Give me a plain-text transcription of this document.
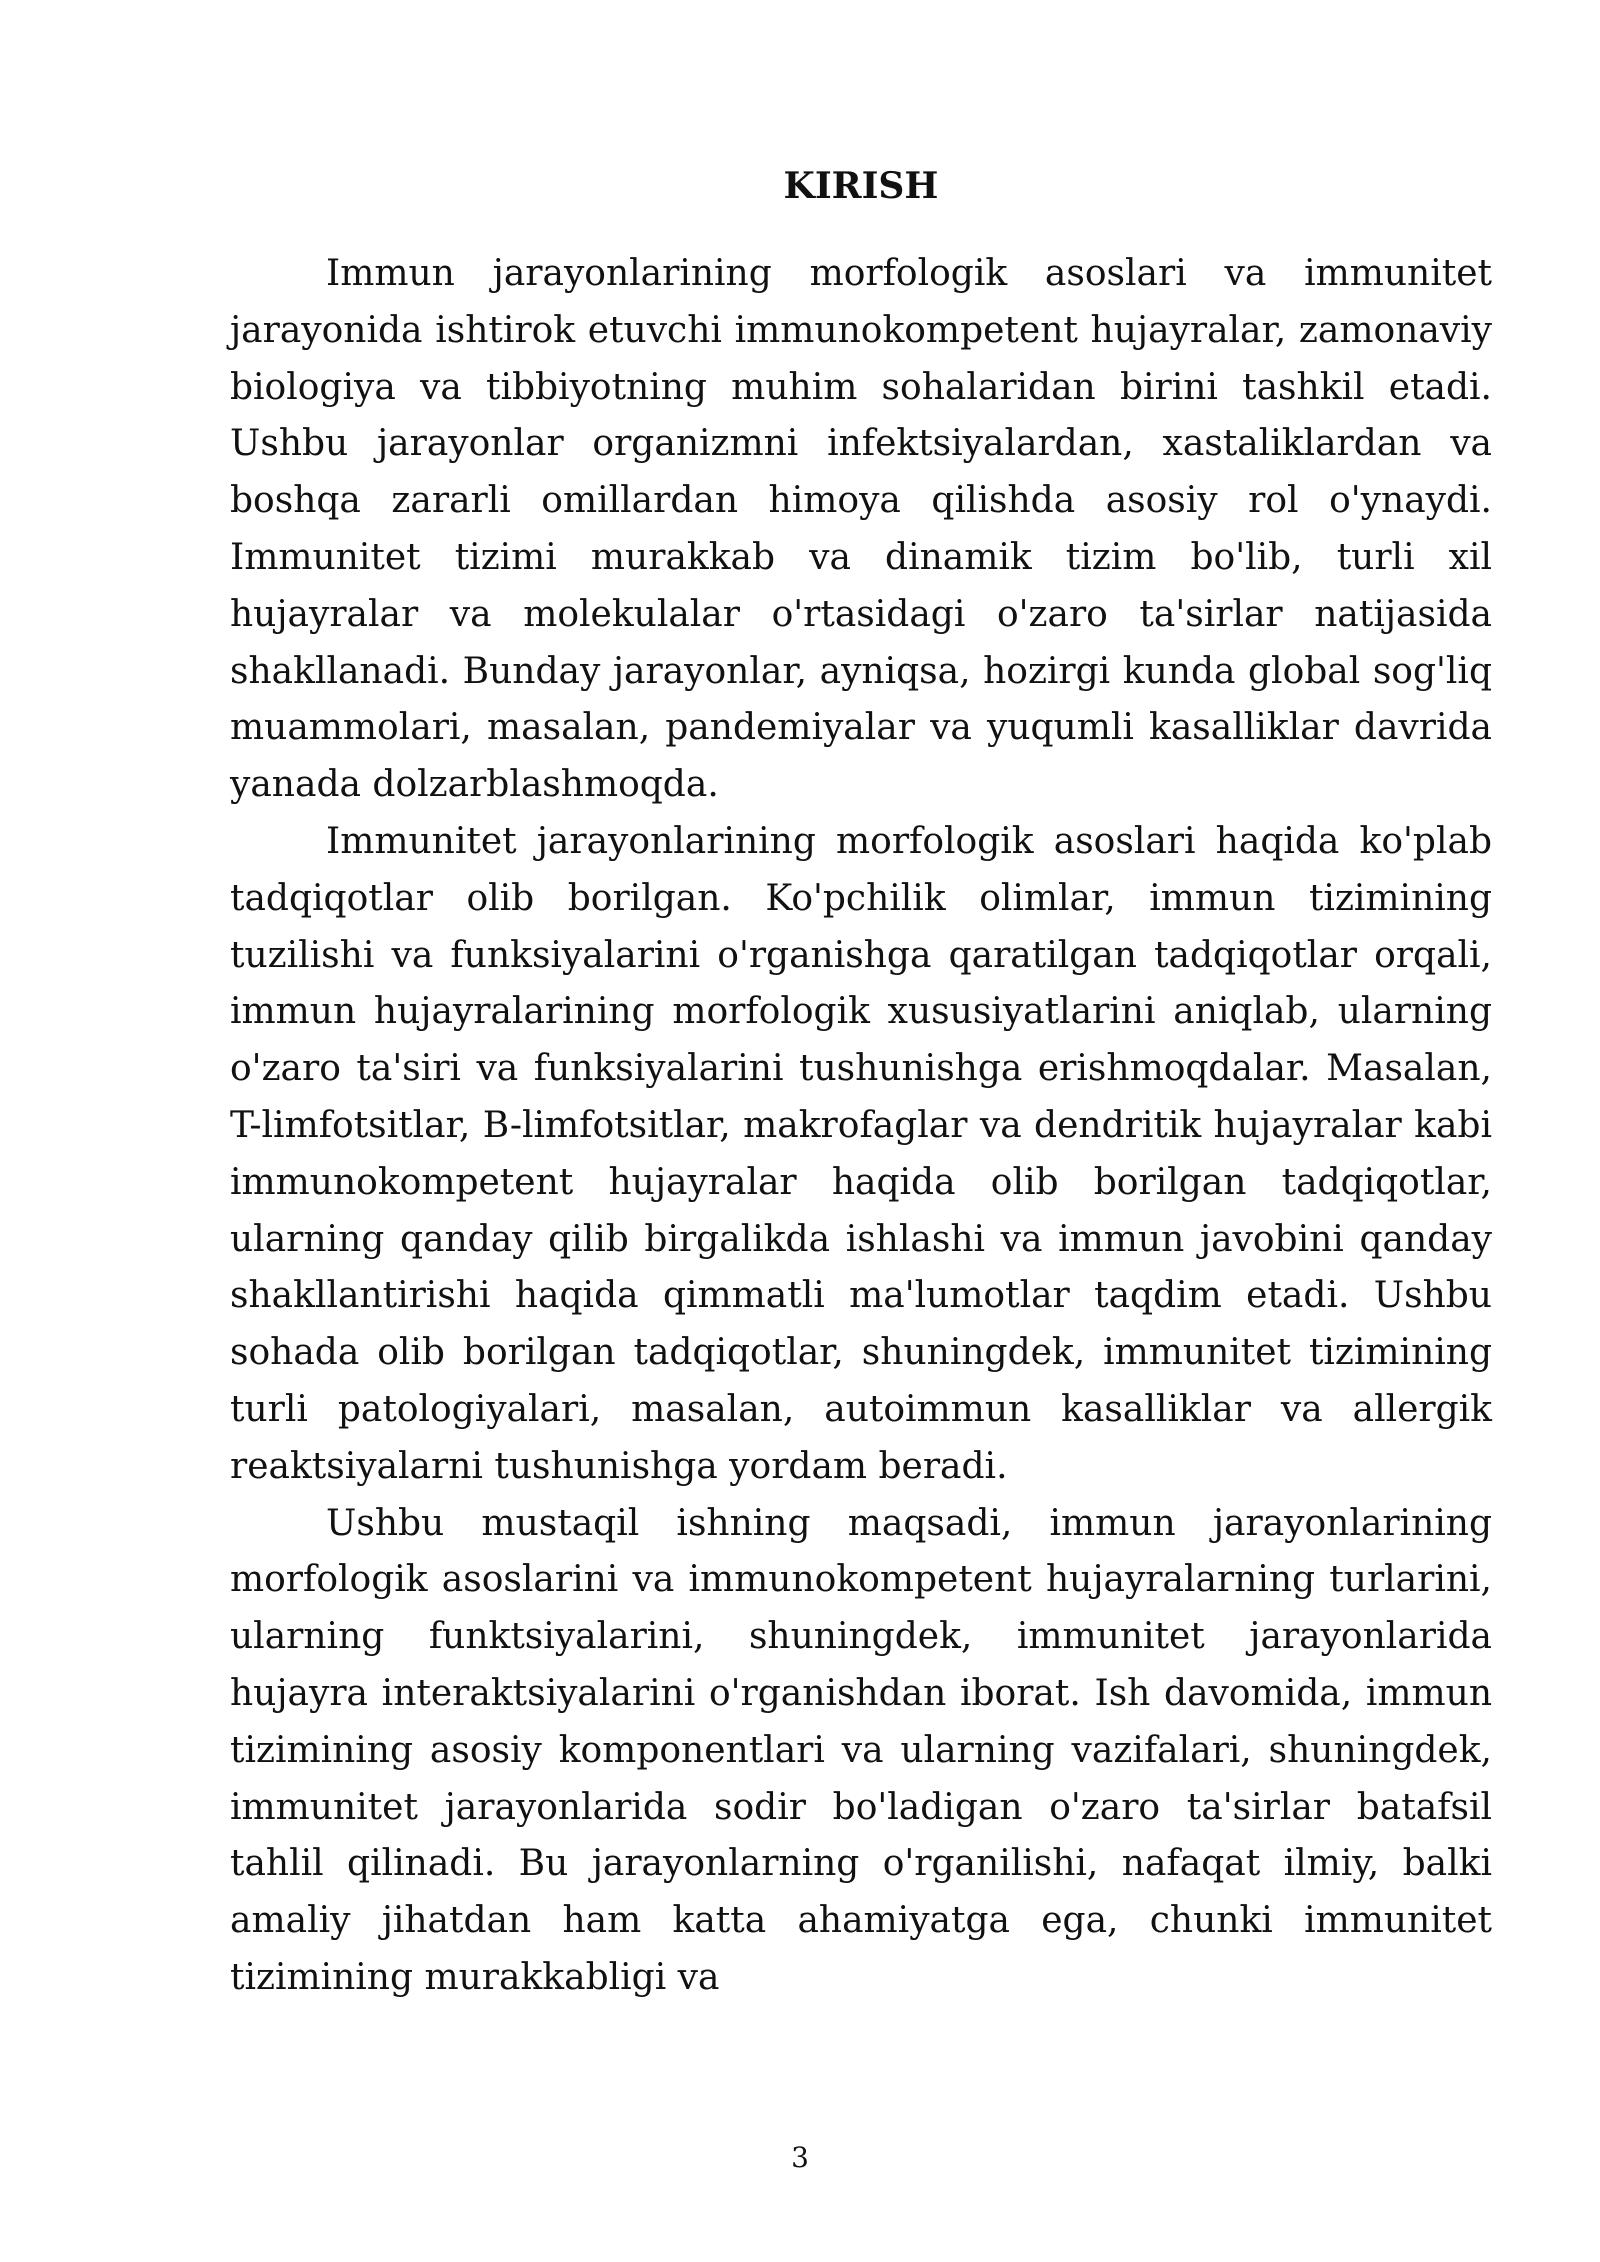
KIRISH

Immun jarayonlarining morfologik asoslari va immunitet jarayonida ishtirok etuvchi immunokompetent hujayralar, zamonaviy biologiya va tibbiyotning muhim sohalaridan birini tashkil etadi. Ushbu jarayonlar organizmni infektsiyalardan, xastaliklardan va boshqa zararli omillardan himoya qilishda asosiy rol o'ynaydi. Immunitet tizimi murakkab va dinamik tizim bo'lib, turli xil hujayralar va molekulalar o'rtasidagi o'zaro ta'sirlar natijasida shakllanadi. Bunday jarayonlar, ayniqsa, hozirgi kunda global sog'liq muammolari, masalan, pandemiyalar va yuqumli kasalliklar davrida yanada dolzarblashmoqda.

Immunitet jarayonlarining morfologik asoslari haqida ko'plab tadqiqotlar olib borilgan. Ko'pchilik olimlar, immun tizimining tuzilishi va funksiyalarini o'rganishga qaratilgan tadqiqotlar orqali, immun hujayralarining morfologik xususiyatlarini aniqlab, ularning o'zaro ta'siri va funksiyalarini tushunishga erishmoqdalar. Masalan, T-limfotsitlar, B-limfotsitlar, makrofaglar va dendritik hujayralar kabi immunokompetent hujayralar haqida olib borilgan tadqiqotlar, ularning qanday qilib birgalikda ishlashi va immun javobini qanday shakllantirishi haqida qimmatli ma'lumotlar taqdim etadi. Ushbu sohada olib borilgan tadqiqotlar, shuningdek, immunitet tizimining turli patologiyalari, masalan, autoimmun kasalliklar va allergik reaktsiyalarni tushunishga yordam beradi.

Ushbu mustaqil ishning maqsadi, immun jarayonlarining morfologik asoslarini va immunokompetent hujayralarning turlarini, ularning funktsiyalarini, shuningdek, immunitet jarayonlarida hujayra interaktsiyalarini o'rganishdan iborat. Ish davomida, immun tizimining asosiy komponentlari va ularning vazifalari, shuningdek, immunitet jarayonlarida sodir bo'ladigan o'zaro ta'sirlar batafsil tahlil qilinadi. Bu jarayonlarning o'rganilishi, nafaqat ilmiy, balki amaliy jihatdan ham katta ahamiyatga ega, chunki immunitet tizimining murakkabligi va

3
